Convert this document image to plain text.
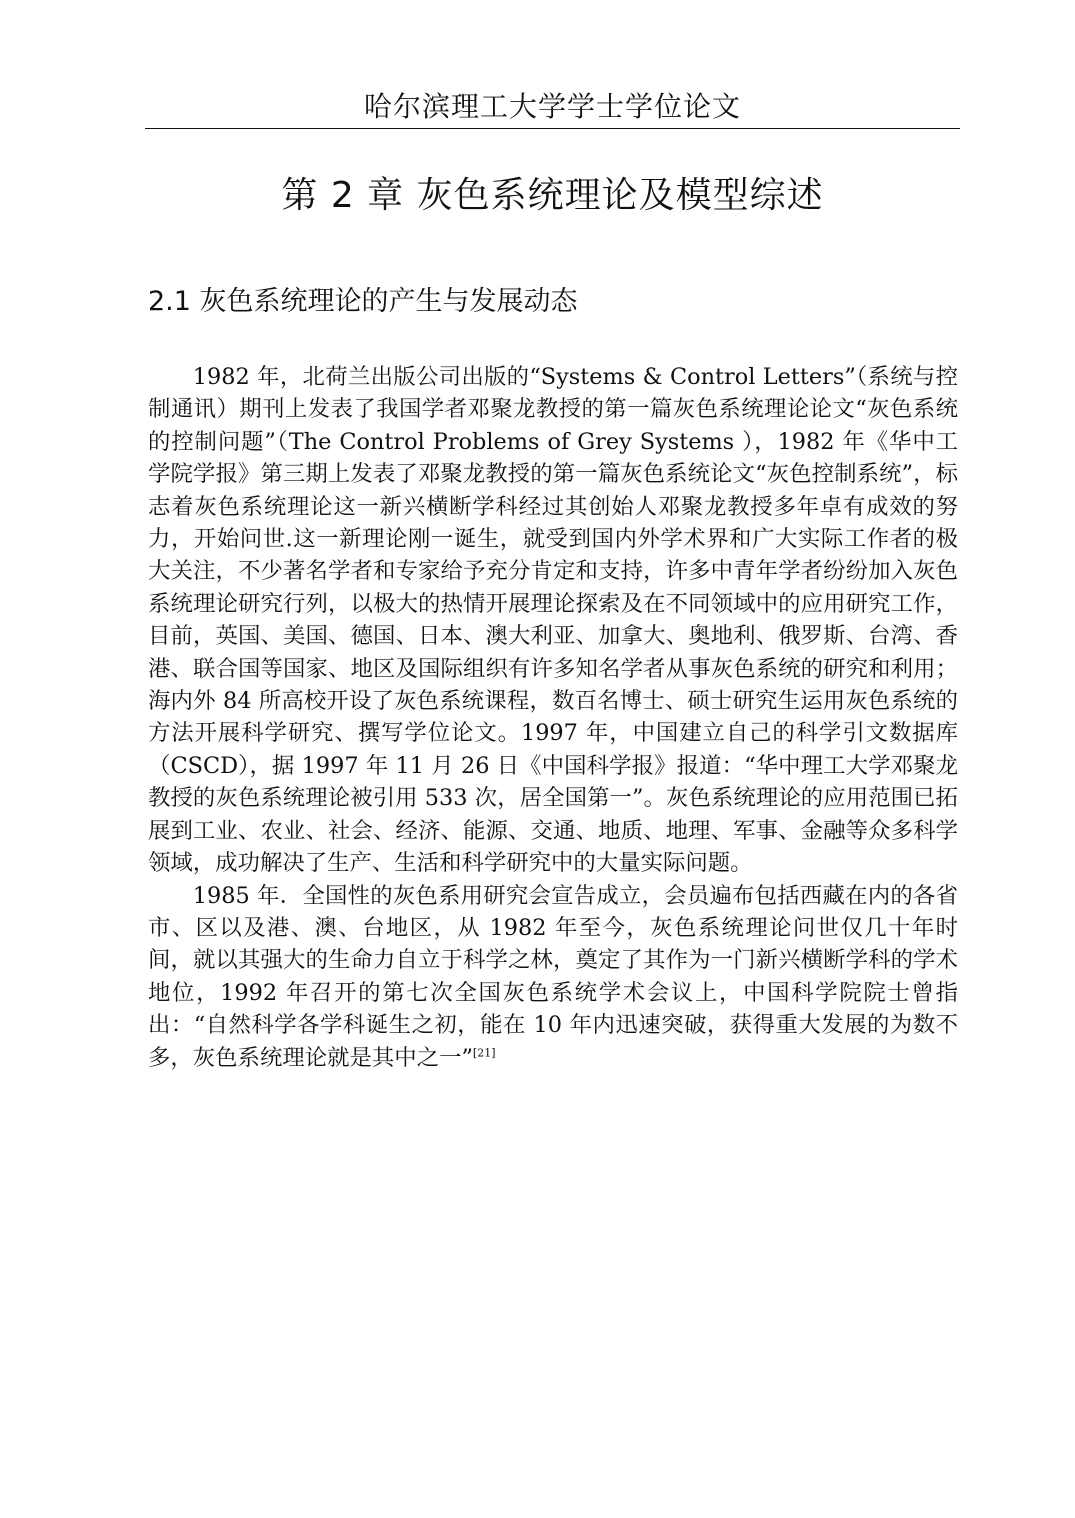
哈尔滨理工大学学士学位论文
第 2 章 灰色系统理论及模型综述
2.1 灰色系统理论的产生与发展动态

1982 年，北荷兰出版公司出版的“Systems & Control Letters”（系统与控制通讯）期刊上发表了我国学者邓聚龙教授的第一篇灰色系统理论论文“灰色系统的控制问题”（The Control Problems of Grey Systems ），1982 年《华中工学院学报》第三期上发表了邓聚龙教授的第一篇灰色系统论文“灰色控制系统”，标志着灰色系统理论这一新兴横断学科经过其创始人邓聚龙教授多年卓有成效的努力，开始问世.这一新理论刚一诞生，就受到国内外学术界和广大实际工作者的极大关注，不少著名学者和专家给予充分肯定和支持，许多中青年学者纷纷加入灰色系统理论研究行列，以极大的热情开展理论探索及在不同领域中的应用研究工作，目前，英国、美国、德国、日本、澳大利亚、加拿大、奥地利、俄罗斯、台湾、香港、联合国等国家、地区及国际组织有许多知名学者从事灰色系统的研究和利用；海内外 84 所高校开设了灰色系统课程，数百名博士、硕士研究生运用灰色系统的方法开展科学研究、撰写学位论文。1997 年，中国建立自己的科学引文数据库（CSCD），据 1997 年 11 月 26 日《中国科学报》报道：“华中理工大学邓聚龙教授的灰色系统理论被引用 533 次，居全国第一”。灰色系统理论的应用范围已拓展到工业、农业、社会、经济、能源、交通、地质、地理、军事、金融等众多科学领域，成功解决了生产、生活和科学研究中的大量实际问题。

1985 年．全国性的灰色系用研究会宣告成立，会员遍布包括西藏在内的各省市、区以及港、澳、台地区，从 1982 年至今，灰色系统理论问世仅几十年时间，就以其强大的生命力自立于科学之林，奠定了其作为一门新兴横断学科的学术地位，1992 年召开的第七次全国灰色系统学术会议上，中国科学院院士曾指出：“自然科学各学科诞生之初，能在 10 年内迅速突破，获得重大发展的为数不多，灰色系统理论就是其中之一”[21]
